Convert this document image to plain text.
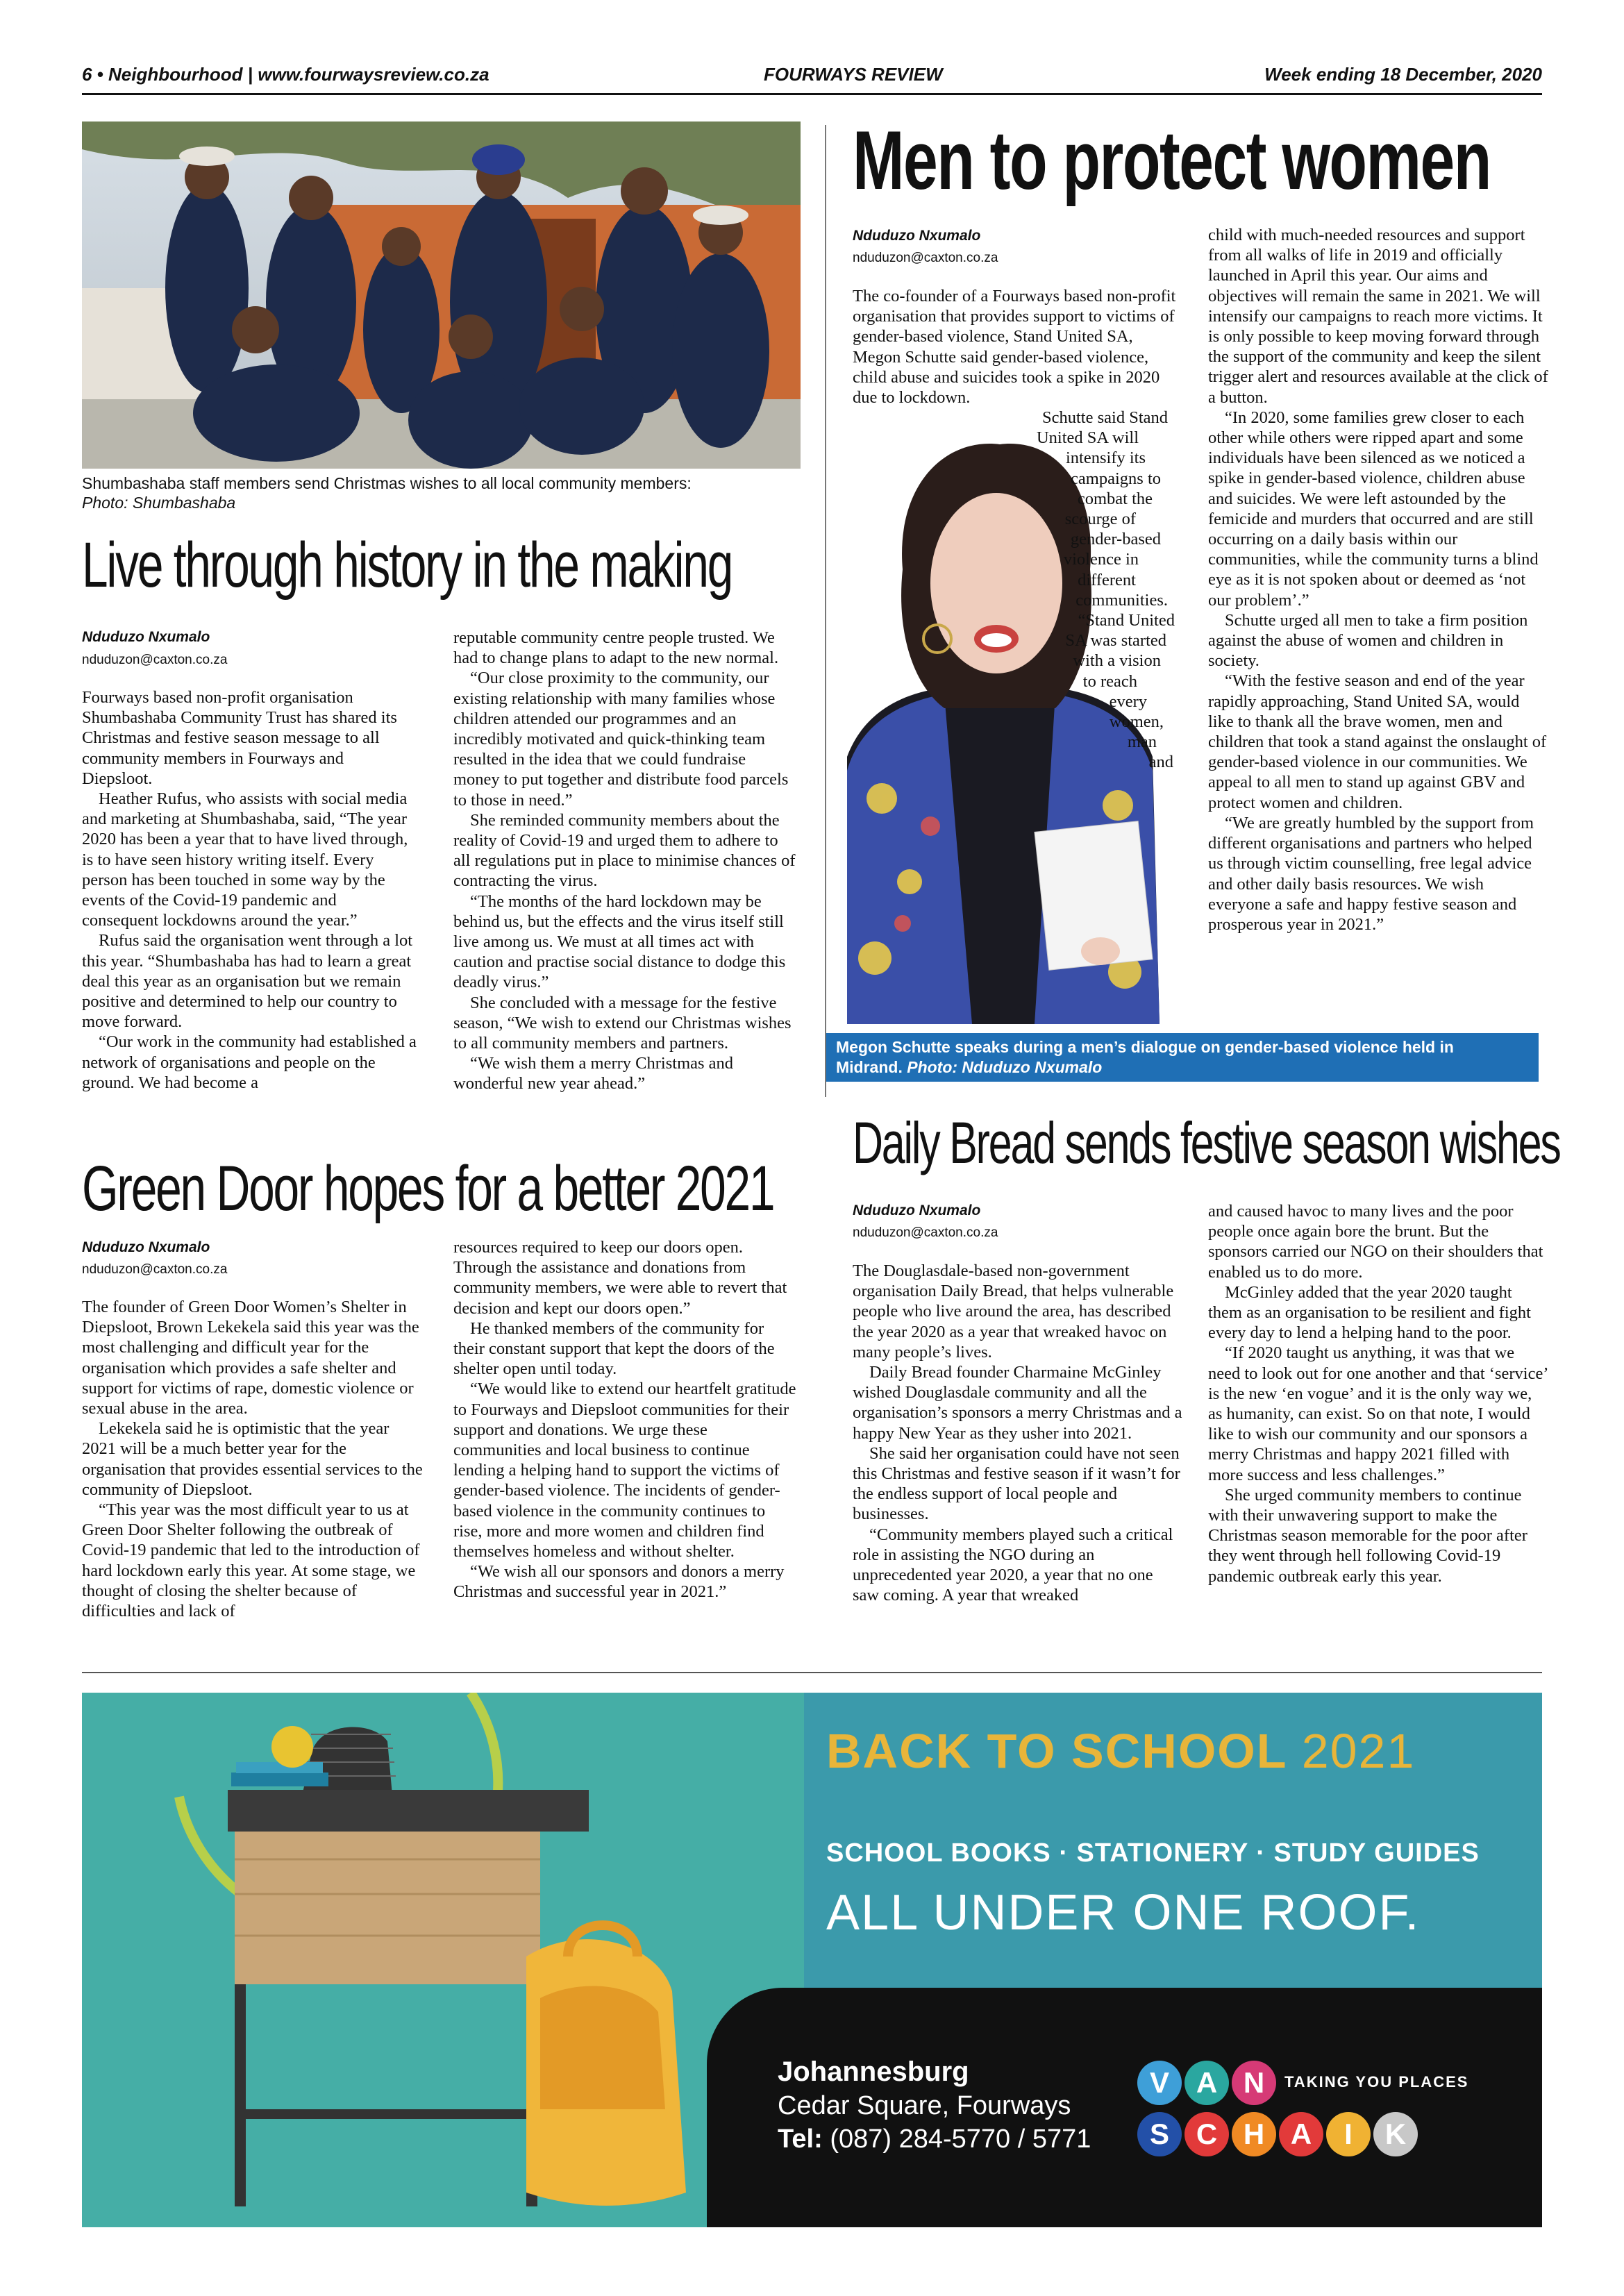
6 • Neighbourhood | www.fourwaysreview.co.za	FOURWAYS REVIEW	Week ending 18 December, 2020
Shumbashaba staff members send Christmas wishes to all local community members:
Photo: Shumbashaba
Live through history in the making
Nduduzo Nxumalo
nduduzon@caxton.co.za

Fourways based non-profit organisation Shumbashaba Community Trust has shared its Christmas and festive season message to all community members in Fourways and Diepsloot.

Heather Rufus, who assists with social media and marketing at Shumbashaba, said, “The year 2020 has been a year that to have lived through, is to have seen history writing itself. Every person has been touched in some way by the events of the Covid-19 pandemic and consequent lockdowns around the year.”

Rufus said the organisation went through a lot this year. “Shumbashaba has had to learn a great deal this year as an organisation but we remain positive and determined to help our country to move forward.

“Our work in the community had established a network of organisations and people on the ground. We had become a

reputable community centre people trusted. We had to change plans to adapt to the new normal.

“Our close proximity to the community, our existing relationship with many families whose children attended our programmes and an incredibly motivated and quick-thinking team resulted in the idea that we could fundraise money to put together and distribute food parcels to those in need.”

She reminded community members about the reality of Covid-19 and urged them to adhere to all regulations put in place to minimise chances of contracting the virus.

“The months of the hard lockdown may be behind us, but the effects and the virus itself still live among us. We must at all times act with caution and practise social distance to dodge this deadly virus.”

She concluded with a message for the festive season, “We wish to extend our Christmas wishes to all community members and partners.

“We wish them a merry Christmas and wonderful new year ahead.”

Green Door hopes for a better 2021
Nduduzo Nxumalo
nduduzon@caxton.co.za

The founder of Green Door Women’s Shelter in Diepsloot, Brown Lekekela said this year was the most challenging and difficult year for the organisation which provides a safe shelter and support for victims of rape, domestic violence or sexual abuse in the area.

Lekekela said he is optimistic that the year 2021 will be a much better year for the organisation that provides essential services to the community of Diepsloot.

“This year was the most difficult year to us at Green Door Shelter following the outbreak of Covid-19 pandemic that led to the introduction of hard lockdown early this year. At some stage, we thought of closing the shelter because of difficulties and lack of

resources required to keep our doors open. Through the assistance and donations from community members, we were able to revert that decision and kept our doors open.”

He thanked members of the community for their constant support that kept the doors of the shelter open until today.

“We would like to extend our heartfelt gratitude to Fourways and Diepsloot communities for their support and donations. We urge these communities and local business to continue lending a helping hand to support the victims of gender-based violence. The incidents of gender-based violence in the community continues to rise, more and more women and children find themselves homeless and without shelter.

“We wish all our sponsors and donors a merry Christmas and successful year in 2021.”

Men to protect women
Nduduzo Nxumalo
nduduzon@caxton.co.za

The co-founder of a Fourways based non-profit organisation that provides support to victims of gender-based violence, Stand United SA, Megon Schutte said gender-based violence, child abuse and suicides took a spike in 2020 due to lockdown.

Schutte said Stand
United SA will
intensify its
campaigns to
combat the
scourge of
gender-based
violence in
different
communities.
“Stand United
SA was started
with a vision
to reach
every
women,
man
and

child with much-needed resources and support from all walks of life in 2019 and officially launched in April this year. Our aims and objectives will remain the same in 2021. We will intensify our campaigns to reach more victims. It is only possible to keep moving forward through the support of the community and keep the silent trigger alert and resources available at the click of a button.

“In 2020, some families grew closer to each other while others were ripped apart and some individuals have been silenced as we noticed a spike in gender-based violence, children abuse and suicides. We were left astounded by the femicide and murders that occurred and are still occurring on a daily basis within our communities, while the community turns a blind eye as it is not spoken about or deemed as ‘not our problem’.”

Schutte urged all men to take a firm position against the abuse of women and children in society.

“With the festive season and end of the year rapidly approaching, Stand United SA, would like to thank all the brave women, men and children that took a stand against the onslaught of gender-based violence in our communities. We appeal to all men to stand up against GBV and protect women and children.

“We are greatly humbled by the support from different organisations and partners who helped us through victim counselling, free legal advice and other daily basis resources. We wish everyone a safe and happy festive season and prosperous year in 2021.”

Megon Schutte speaks during a men’s dialogue on gender-based violence held in
Midrand. Photo: Nduduzo Nxumalo
Daily Bread sends festive season wishes
Nduduzo Nxumalo
nduduzon@caxton.co.za

The Douglasdale-based non-government organisation Daily Bread, that helps vulnerable people who live around the area, has described the year 2020 as a year that wreaked havoc on many people’s lives.

Daily Bread founder Charmaine McGinley wished Douglasdale community and all the organisation’s sponsors a merry Christmas and a happy New Year as they usher into 2021.

She said her organisation could have not seen this Christmas and festive season if it wasn’t for the endless support of local people and businesses.

“Community members played such a critical role in assisting the NGO during an unprecedented year 2020, a year that no one saw coming. A year that wreaked

and caused havoc to many lives and the poor people once again bore the brunt. But the sponsors carried our NGO on their shoulders that enabled us to do more.

McGinley added that the year 2020 taught them as an organisation to be resilient and fight every day to lend a helping hand to the poor.

“If 2020 taught us anything, it was that we need to look out for one another and that ‘service’ is the new ‘en vogue’ and it is the only way we, as humanity, can exist. So on that note, I would like to wish our community and our sponsors a merry Christmas and happy 2021 filled with more success and less challenges.”

She urged community members to continue with their unwavering support to make the Christmas season memorable for the poor after they went through hell following Covid-19 pandemic outbreak early this year.

BACK TO SCHOOL 2021
SCHOOL BOOKS · STATIONERY · STUDY GUIDES
ALL UNDER ONE ROOF.
Johannesburg
Cedar Square, Fourways
Tel: (087) 284-5770 / 5771
V A N	TAKING YOU PLACES
S C H A	I	K
